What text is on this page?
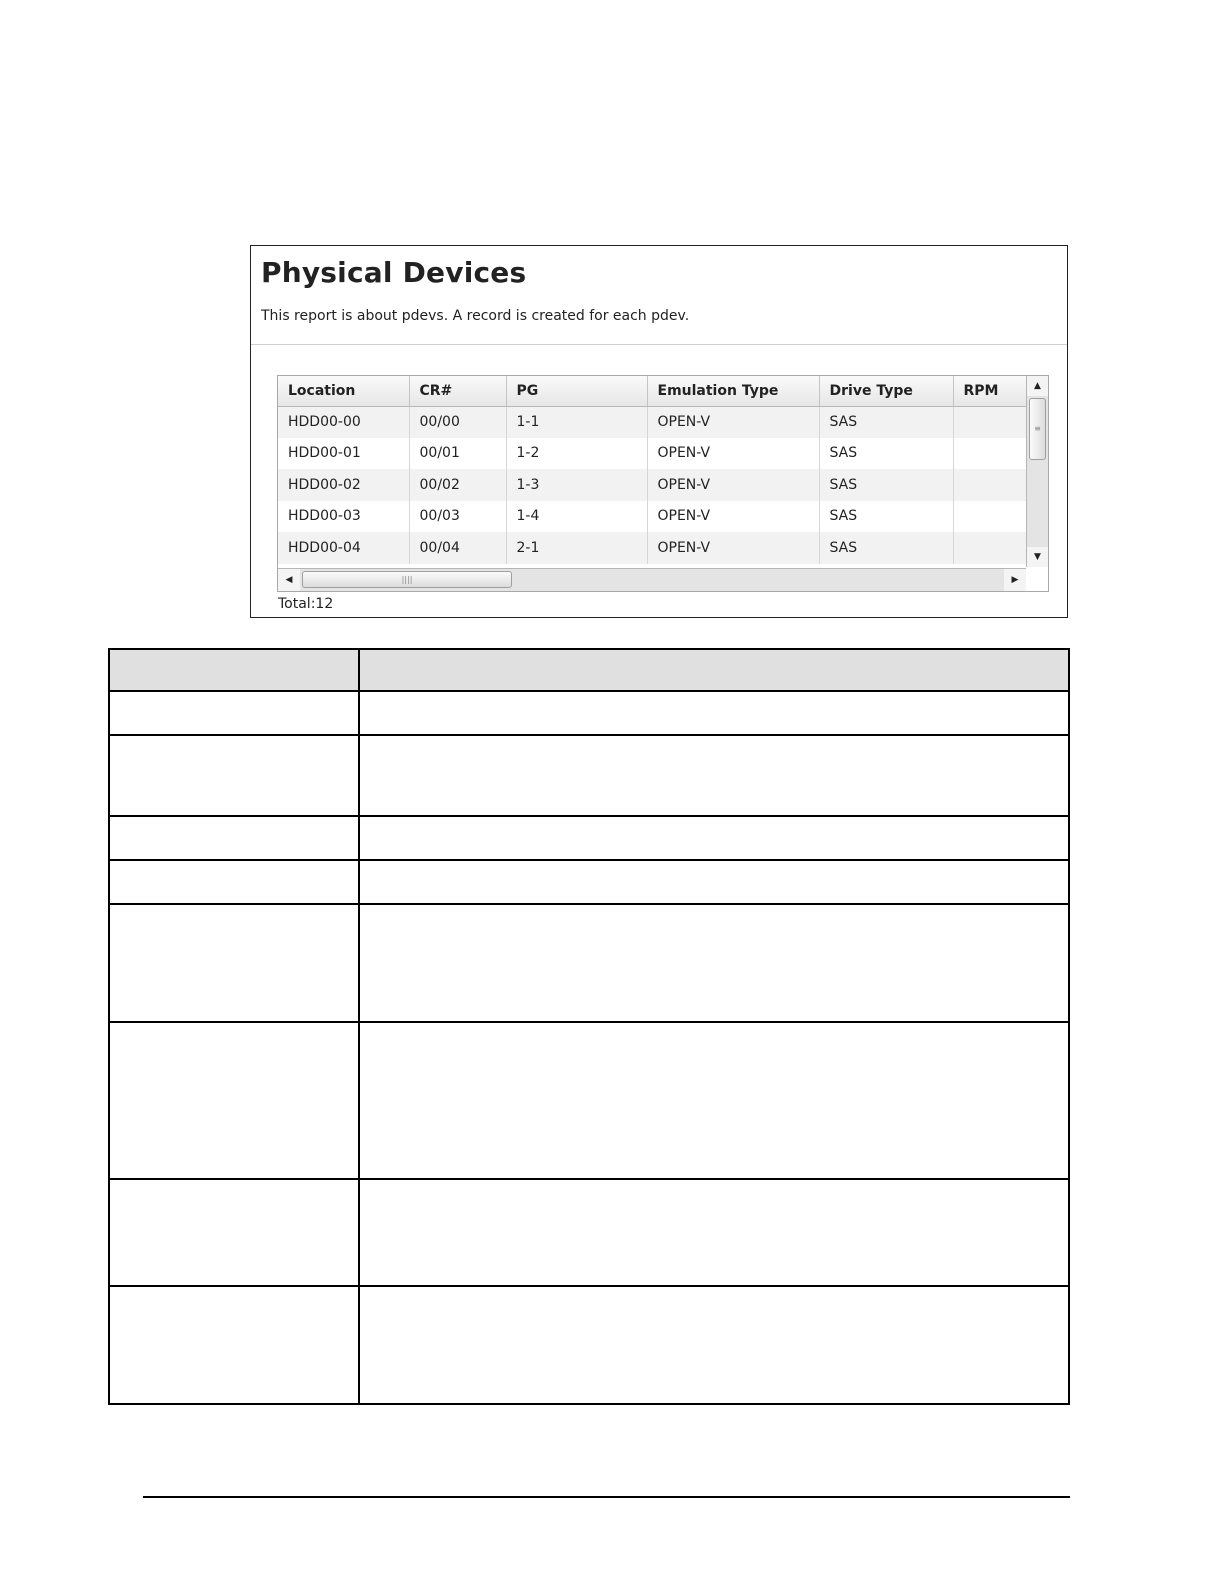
Physical Devices

This report is about pdevs. A record is created for each pdev.

Location	CR#	PG	Emulation Type	Drive Type	RPM
HDD00-00	00/00	1-1	OPEN-V	SAS	
HDD00-01	00/01	1-2	OPEN-V	SAS	
HDD00-02	00/02	1-3	OPEN-V	SAS	
HDD00-03	00/03	1-4	OPEN-V	SAS	
HDD00-04	00/04	2-1	OPEN-V	SAS	
▲
≡
▼
◀	||||	▶
Total:12
